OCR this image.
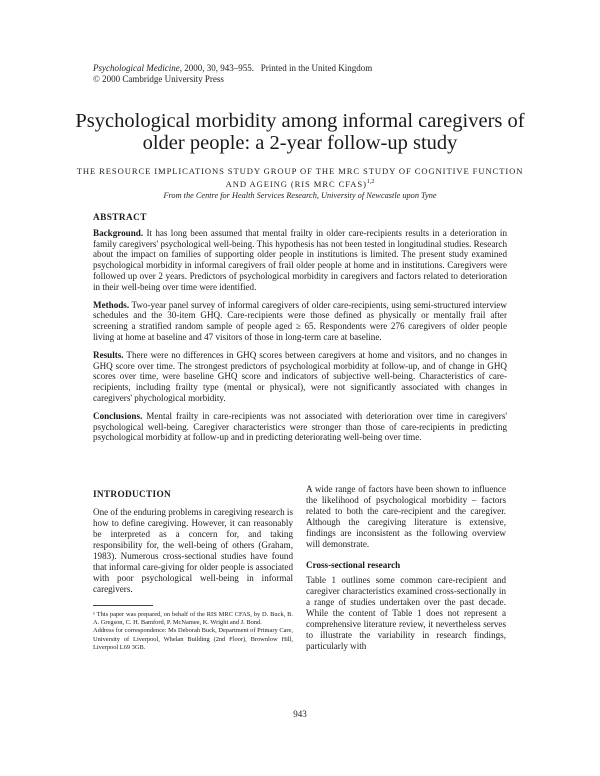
Psychological Medicine, 2000, 30, 943–955. Printed in the United Kingdom
© 2000 Cambridge University Press
Psychological morbidity among informal caregivers of older people: a 2-year follow-up study
THE RESOURCE IMPLICATIONS STUDY GROUP OF THE MRC STUDY OF COGNITIVE FUNCTION AND AGEING (RIS MRC CFAS)$^{1,2}$
From the Centre for Health Services Research, University of Newcastle upon Tyne
ABSTRACT

Background. It has long been assumed that mental frailty in older care-recipients results in a deterioration in family caregivers' psychological well-being. This hypothesis has not been tested in longitudinal studies. Research about the impact on families of supporting older people in institutions is limited. The present study examined psychological morbidity in informal caregivers of frail older people at home and in institutions. Caregivers were followed up over 2 years. Predictors of psychological morbidity in caregivers and factors related to deterioration in their well-being over time were identified.

Methods. Two-year panel survey of informal caregivers of older care-recipients, using semi-structured interview schedules and the 30-item GHQ. Care-recipients were those defined as physically or mentally frail after screening a stratified random sample of people aged ≥ 65. Respondents were 276 caregivers of older people living at home at baseline and 47 visitors of those in long-term care at baseline.

Results. There were no differences in GHQ scores between caregivers at home and visitors, and no changes in GHQ score over time. The strongest predictors of psychological morbidity at follow-up, and of change in GHQ scores over time, were baseline GHQ score and indicators of subjective well-being. Characteristics of care-recipients, including frailty type (mental or physical), were not significantly associated with changes in caregivers' phychological morbidity.

Conclusions. Mental frailty in care-recipients was not associated with deterioration over time in caregivers' psychological well-being. Caregiver characteristics were stronger than those of care-recipients in predicting psychological morbidity at follow-up and in predicting deteriorating well-being over time.

INTRODUCTION

One of the enduring problems in caregiving research is how to define caregiving. However, it can reasonably be interpreted as a concern for, and taking responsibility for, the well-being of others (Graham, 1983). Numerous cross-sectional studies have found that informal care-giving for older people is associated with poor psychological well-being in informal caregivers.

¹ This paper was prepared, on behalf of the RIS MRC CFAS, by D. Buck, B. A. Gregson, C. H. Bamford, P. McNamee, K. Wright and J. Bond.

Address for correspondence: Ms Deborah Buck, Department of Primary Care, University of Liverpool, Whelan Building (2nd Floor), Brownlow Hill, Liverpool L69 3GB.

A wide range of factors have been shown to influence the likelihood of psychological morbidity – factors related to both the care-recipient and the caregiver. Although the caregiving literature is extensive, findings are inconsistent as the following overview will demonstrate.

Cross-sectional research

Table 1 outlines some common care-recipient and caregiver characteristics examined cross-sectionally in a range of studies undertaken over the past decade. While the content of Table 1 does not represent a comprehensive literature review, it nevertheless serves to illustrate the variability in research findings, particularly with

943
